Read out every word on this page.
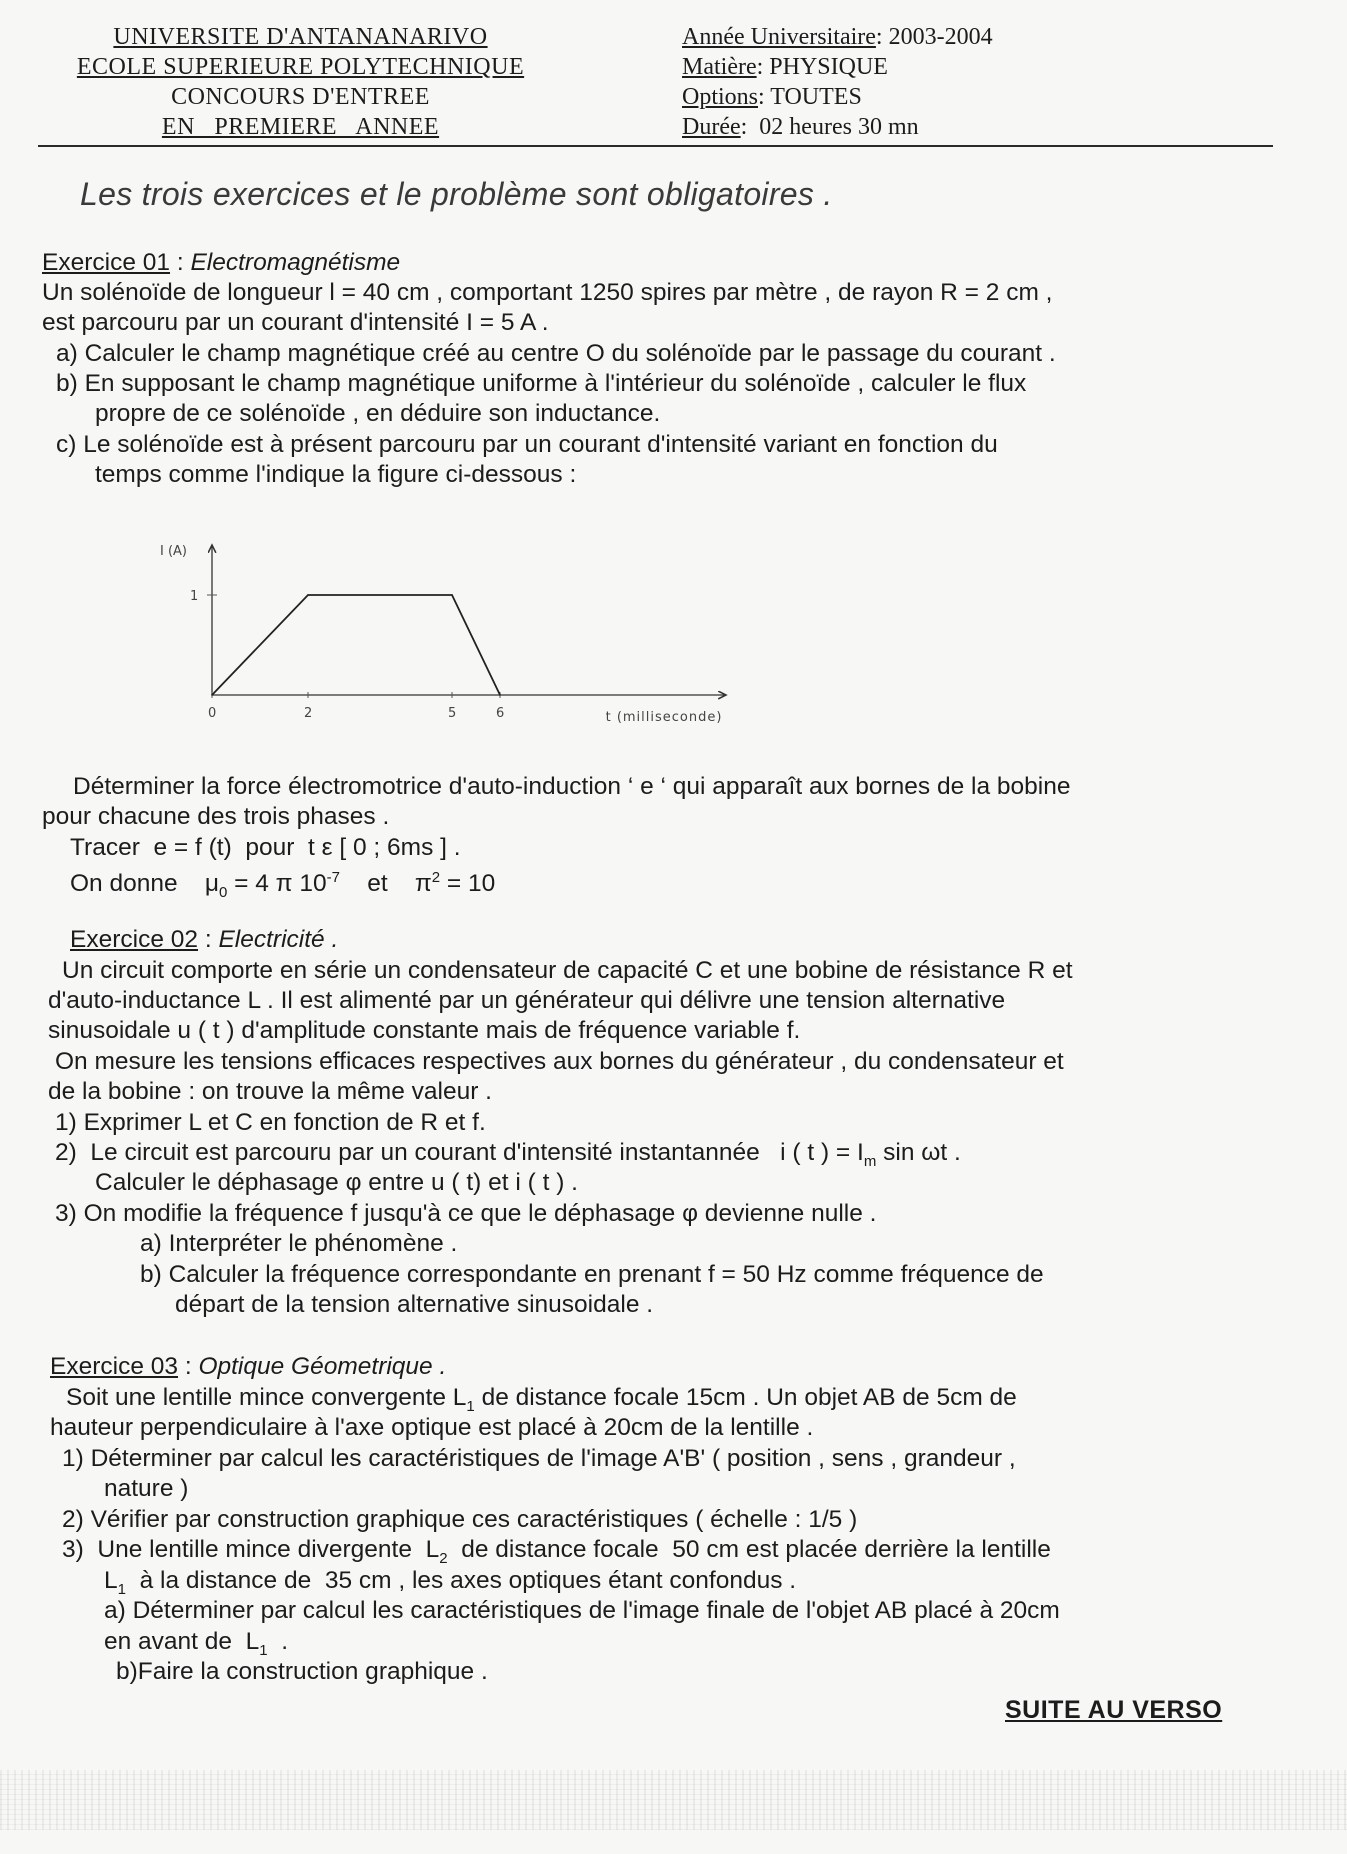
UNIVERSITE D'ANTANANARIVO
ECOLE SUPERIEURE POLYTECHNIQUE
CONCOURS D'ENTREE
EN   PREMIERE   ANNEE
Année Universitaire: 2003-2004
Matière: PHYSIQUE
Options: TOUTES
Durée:  02 heures 30 mn
Les trois exercices et le problème sont obligatoires .
Exercice 01 : Electromagnétisme
Un solénoïde de longueur l = 40 cm , comportant 1250 spires par mètre , de rayon R = 2 cm ,
est parcouru par un courant d'intensité I = 5 A .
a) Calculer le champ magnétique créé au centre O du solénoïde par le passage du courant .
b) En supposant le champ magnétique uniforme à l'intérieur du solénoïde , calculer le flux
propre de ce solénoïde , en déduire son inductance.
c) Le solénoïde est à présent parcouru par un courant d'intensité variant en fonction du
temps comme l'indique la figure ci-dessous :
I (A)
t (milliseconde)
0	2	5	6
1
Déterminer la force électromotrice d'auto-induction ‘ e ‘ qui apparaît aux bornes de la bobine
pour chacune des trois phases .
Tracer  e = f (t)  pour  t ε [ 0 ; 6ms ] .
On donne    $\mu_0 = 4$ π $10^{-7}$    et    $\pi^2 = 10$
Exercice 02 : Electricité .
Un circuit comporte en série un condensateur de capacité C et une bobine de résistance R et
d'auto-inductance L . Il est alimenté par un générateur qui délivre une tension alternative
sinusoidale u ( t ) d'amplitude constante mais de fréquence variable f.
On mesure les tensions efficaces respectives aux bornes du générateur , du condensateur et
de la bobine : on trouve la même valeur .
1) Exprimer L et C en fonction de R et f.
2)  Le circuit est parcouru par un courant d'intensité instantannée   i ( t ) = $I_m$ sin ωt .
Calculer le déphasage φ entre u ( t) et i ( t ) .
3) On modifie la fréquence f jusqu'à ce que le déphasage φ devienne nulle .
a) Interpréter le phénomène .
b) Calculer la fréquence correspondante en prenant f = 50 Hz comme fréquence de
départ de la tension alternative sinusoidale .
Exercice 03 : Optique Géometrique .
Soit une lentille mince convergente $L_1$ de distance focale 15cm . Un objet AB de 5cm de
hauteur perpendiculaire à l'axe optique est placé à 20cm de la lentille .
1) Déterminer par calcul les caractéristiques de l'image A'B' ( position , sens , grandeur ,
nature )
2) Vérifier par construction graphique ces caractéristiques ( échelle : 1/5 )
3)  Une lentille mince divergente  $L_2$  de distance focale  50 cm est placée derrière la lentille
$L_1$  à la distance de  35 cm , les axes optiques étant confondus .
a) Déterminer par calcul les caractéristiques de l'image finale de l'objet AB placé à 20cm
en avant de  $L_1$  .
b)Faire la construction graphique .
SUITE AU VERSO
